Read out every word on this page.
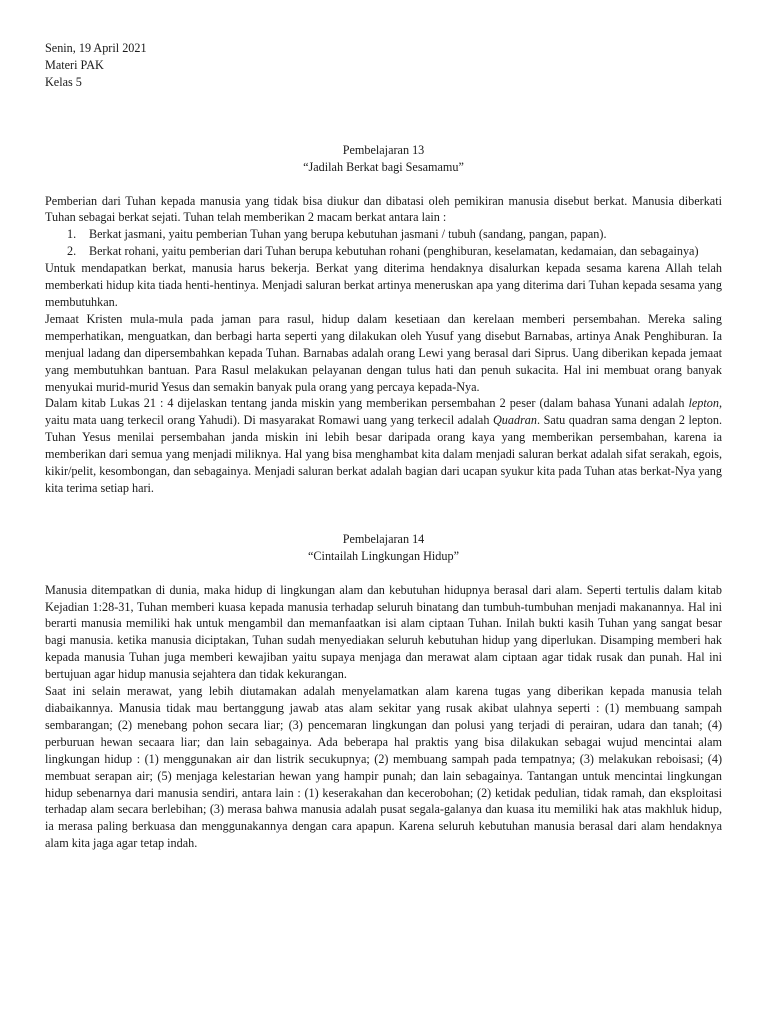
Senin, 19 April 2021

Materi PAK

Kelas 5

Pembelajaran 13

“Jadilah Berkat bagi Sesamamu”

Pemberian dari Tuhan kepada manusia yang tidak bisa diukur dan dibatasi oleh pemikiran manusia disebut berkat. Manusia diberkati Tuhan sebagai berkat sejati. Tuhan telah memberikan 2 macam berkat antara lain :

1.	Berkat jasmani, yaitu pemberian Tuhan yang berupa kebutuhan jasmani / tubuh (sandang, pangan, papan).
2.	Berkat rohani, yaitu pemberian dari Tuhan berupa kebutuhan rohani (penghiburan, keselamatan, kedamaian, dan sebagainya)

Untuk mendapatkan berkat, manusia harus bekerja. Berkat yang diterima hendaknya disalurkan kepada sesama karena Allah telah memberkati hidup kita tiada henti-hentinya. Menjadi saluran berkat artinya meneruskan apa yang diterima dari Tuhan kepada sesama yang membutuhkan.

Jemaat Kristen mula-mula pada jaman para rasul, hidup dalam kesetiaan dan kerelaan memberi persembahan. Mereka saling memperhatikan, menguatkan, dan berbagi harta seperti yang dilakukan oleh Yusuf yang disebut Barnabas, artinya Anak Penghiburan. Ia menjual ladang dan dipersembahkan kepada Tuhan. Barnabas adalah orang Lewi yang berasal dari Siprus. Uang diberikan kepada jemaat yang membutuhkan bantuan. Para Rasul melakukan pelayanan dengan tulus hati dan penuh sukacita. Hal ini membuat orang banyak menyukai murid-murid Yesus dan semakin banyak pula orang yang percaya kepada-Nya.

Dalam kitab Lukas 21 : 4 dijelaskan tentang janda miskin yang memberikan persembahan 2 peser (dalam bahasa Yunani adalah lepton, yaitu mata uang terkecil orang Yahudi). Di masyarakat Romawi uang yang terkecil adalah Quadran. Satu quadran sama dengan 2 lepton. Tuhan Yesus menilai persembahan janda miskin ini lebih besar daripada orang kaya yang memberikan persembahan, karena ia memberikan dari semua yang menjadi miliknya. Hal yang bisa menghambat kita dalam menjadi saluran berkat adalah sifat serakah, egois, kikir/pelit, kesombongan, dan sebagainya. Menjadi saluran berkat adalah bagian dari ucapan syukur kita pada Tuhan atas berkat-Nya yang kita terima setiap hari.

Pembelajaran 14

“Cintailah Lingkungan Hidup”

Manusia ditempatkan di dunia, maka hidup di lingkungan alam dan kebutuhan hidupnya berasal dari alam. Seperti tertulis dalam kitab Kejadian 1:28-31, Tuhan memberi kuasa kepada manusia terhadap seluruh binatang dan tumbuh-tumbuhan menjadi makanannya. Hal ini berarti manusia memiliki hak untuk mengambil dan memanfaatkan isi alam ciptaan Tuhan. Inilah bukti kasih Tuhan yang sangat besar bagi manusia. ketika manusia diciptakan, Tuhan sudah menyediakan seluruh kebutuhan hidup yang diperlukan. Disamping memberi hak kepada manusia Tuhan juga memberi kewajiban yaitu supaya menjaga dan merawat alam ciptaan agar tidak rusak dan punah. Hal ini bertujuan agar hidup manusia sejahtera dan tidak kekurangan.

Saat ini selain merawat, yang lebih diutamakan adalah menyelamatkan alam karena tugas yang diberikan kepada manusia telah diabaikannya. Manusia tidak mau bertanggung jawab atas alam sekitar yang rusak akibat ulahnya seperti : (1) membuang sampah sembarangan; (2) menebang pohon secara liar; (3) pencemaran lingkungan dan polusi yang terjadi di perairan, udara dan tanah; (4) perburuan hewan secaara liar; dan lain sebagainya. Ada beberapa hal praktis yang bisa dilakukan sebagai wujud mencintai alam lingkungan hidup : (1) menggunakan air dan listrik secukupnya; (2) membuang sampah pada tempatnya; (3) melakukan reboisasi; (4) membuat serapan air; (5) menjaga kelestarian hewan yang hampir punah; dan lain sebagainya. Tantangan untuk mencintai lingkungan hidup sebenarnya dari manusia sendiri, antara lain : (1) keserakahan dan kecerobohan; (2) ketidak pedulian, tidak ramah, dan eksploitasi terhadap alam secara berlebihan; (3) merasa bahwa manusia adalah pusat segala-galanya dan kuasa itu memiliki hak atas makhluk hidup, ia merasa paling berkuasa dan menggunakannya dengan cara apapun. Karena seluruh kebutuhan manusia berasal dari alam hendaknya alam kita jaga agar tetap indah.
